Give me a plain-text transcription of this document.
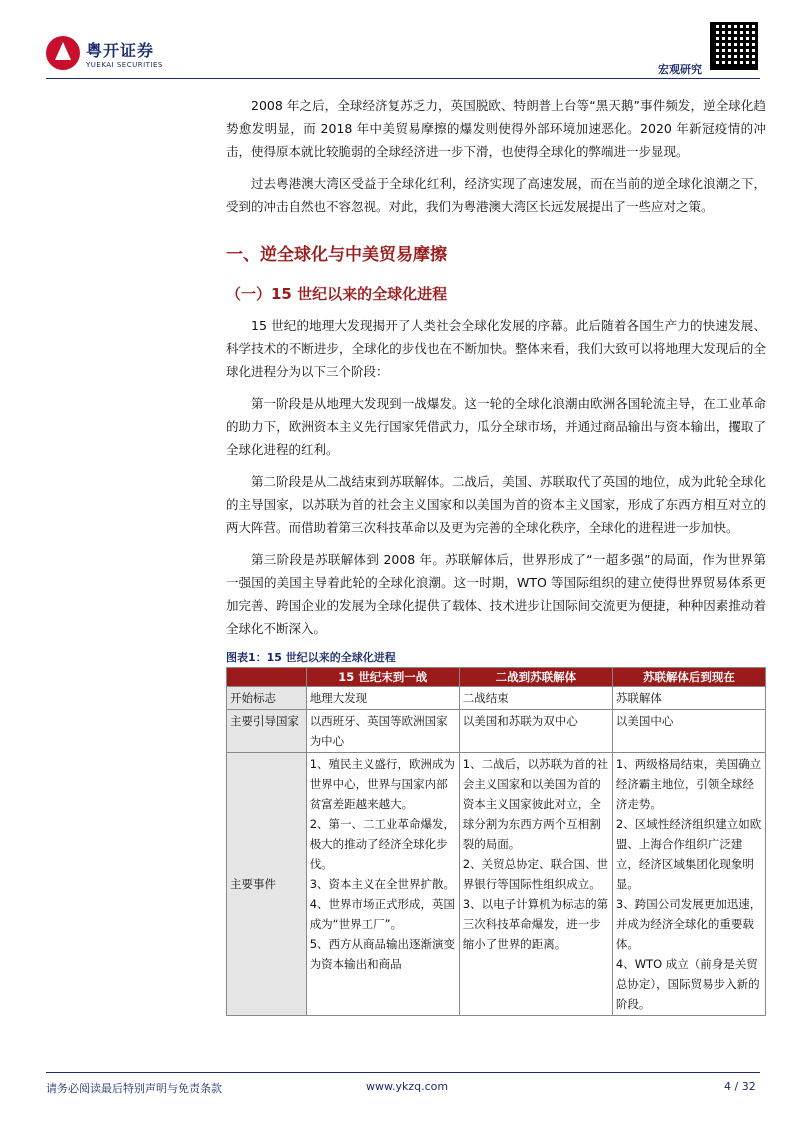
粤开证券
YUEKAI SECURITIES	宏观研究

2008 年之后，全球经济复苏乏力，英国脱欧、特朗普上台等“黑天鹅”事件频发，逆全球化趋势愈发明显，而 2018 年中美贸易摩擦的爆发则使得外部环境加速恶化。2020 年新冠疫情的冲击，使得原本就比较脆弱的全球经济进一步下滑，也使得全球化的弊端进一步显现。

过去粤港澳大湾区受益于全球化红利，经济实现了高速发展，而在当前的逆全球化浪潮之下，受到的冲击自然也不容忽视。对此，我们为粤港澳大湾区长远发展提出了一些应对之策。

一、逆全球化与中美贸易摩擦
（一）15 世纪以来的全球化进程

15 世纪的地理大发现揭开了人类社会全球化发展的序幕。此后随着各国生产力的快速发展、科学技术的不断进步，全球化的步伐也在不断加快。整体来看，我们大致可以将地理大发现后的全球化进程分为以下三个阶段：

第一阶段是从地理大发现到一战爆发。这一轮的全球化浪潮由欧洲各国轮流主导，在工业革命的助力下，欧洲资本主义先行国家凭借武力，瓜分全球市场，并通过商品输出与资本输出，攫取了全球化进程的红利。

第二阶段是从二战结束到苏联解体。二战后，美国、苏联取代了英国的地位，成为此轮全球化的主导国家，以苏联为首的社会主义国家和以美国为首的资本主义国家，形成了东西方相互对立的两大阵营。而借助着第三次科技革命以及更为完善的全球化秩序，全球化的进程进一步加快。

第三阶段是苏联解体到 2008 年。苏联解体后，世界形成了“一超多强”的局面，作为世界第一强国的美国主导着此轮的全球化浪潮。这一时期，WTO 等国际组织的建立使得世界贸易体系更加完善、跨国企业的发展为全球化提供了载体、技术进步让国际间交流更为便捷，种种因素推动着全球化不断深入。

图表1：15 世纪以来的全球化进程
	15 世纪末到一战	二战到苏联解体	苏联解体后到现在
开始标志	地理大发现	二战结束	苏联解体
主要引导国家	以西班牙、英国等欧洲国家为中心	以美国和苏联为双中心	以美国中心
主要事件	1、殖民主义盛行，欧洲成为世界中心，世界与国家内部贫富差距越来越大。
2、第一、二工业革命爆发，极大的推动了经济全球化步伐。
3、资本主义在全世界扩散。
4、世界市场正式形成，英国成为“世界工厂”。
5、西方从商品输出逐渐演变为资本输出和商品	1、二战后，以苏联为首的社会主义国家和以美国为首的资本主义国家彼此对立，全球分割为东西方两个互相割裂的局面。
2、关贸总协定、联合国、世界银行等国际性组织成立。
3、以电子计算机为标志的第三次科技革命爆发，进一步缩小了世界的距离。	1、两级格局结束，美国确立经济霸主地位，引领全球经济走势。
2、区域性经济组织建立如欧盟、上海合作组织广泛建立，经济区域集团化现象明显。
3、跨国公司发展更加迅速，并成为经济全球化的重要载体。
4、WTO 成立（前身是关贸总协定），国际贸易步入新的阶段。
请务必阅读最后特别声明与免责条款	www.ykzq.com	4 / 32
